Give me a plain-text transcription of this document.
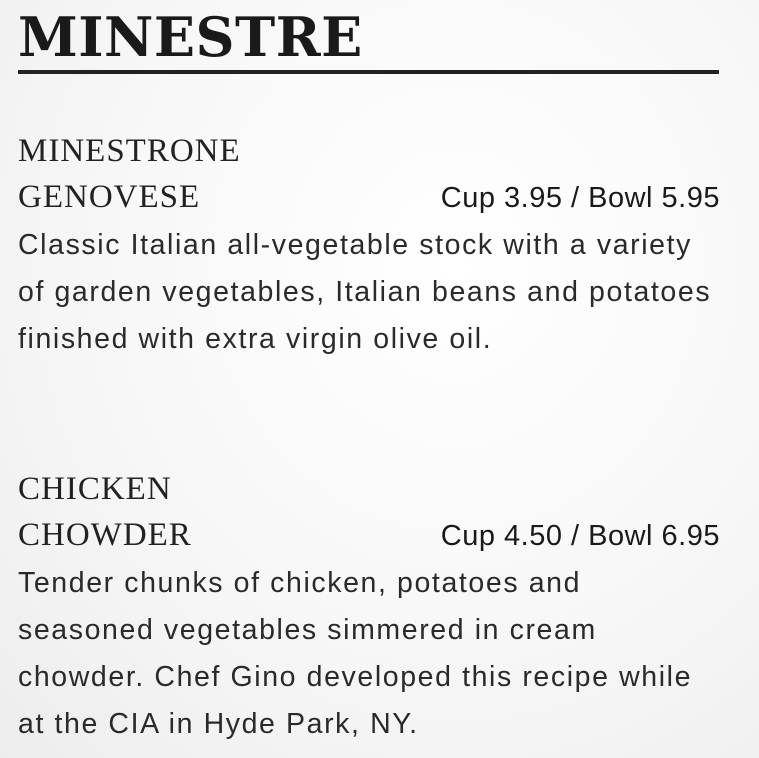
MINESTRE
MINESTRONE
GENOVESE	Cup 3.95 / Bowl 5.95

Classic Italian all-vegetable stock with a variety of garden vegetables, Italian beans and potatoes finished with extra virgin olive oil.

CHICKEN
CHOWDER	Cup 4.50 / Bowl 6.95

Tender chunks of chicken, potatoes and seasoned vegetables simmered in cream chowder. Chef Gino developed this recipe while at the CIA in Hyde Park, NY.
